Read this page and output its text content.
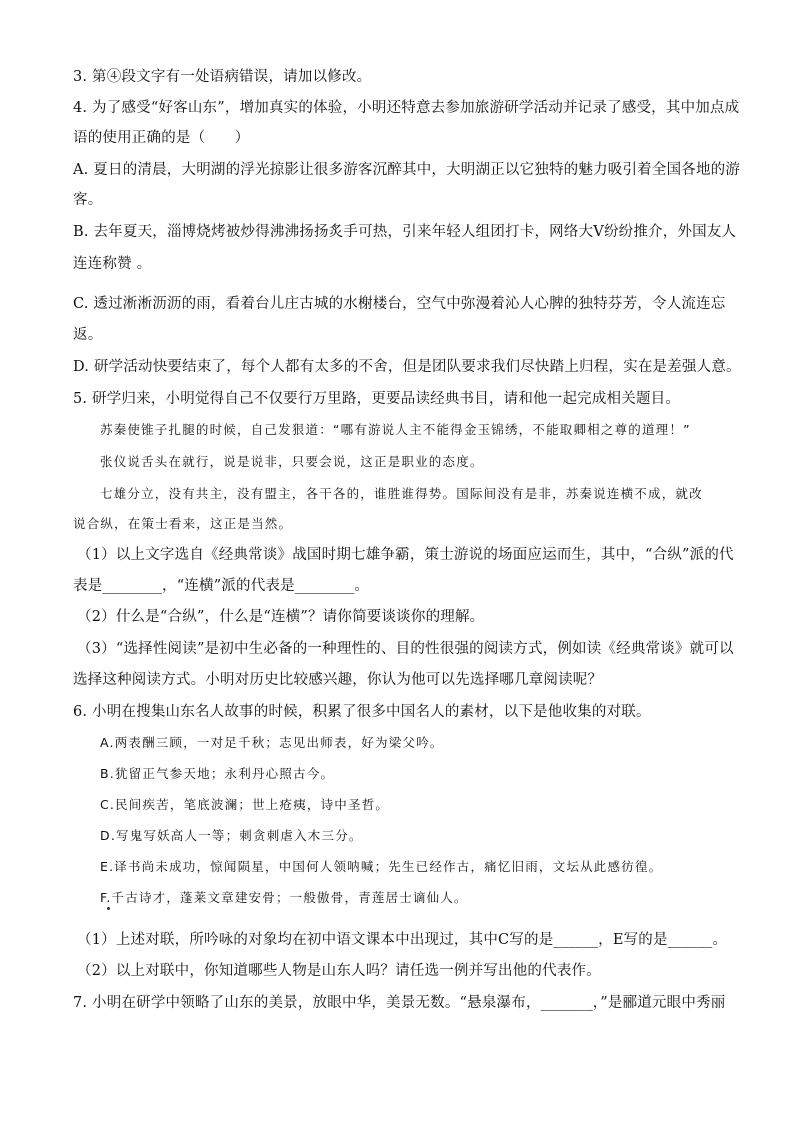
3. 第④段文字有一处语病错误，请加以修改。
4. 为了感受“好客山东”，增加真实的体验，小明还特意去参加旅游研学活动并记录了感受，其中加点成
语的使用正确的是（　　）
A. 夏日的清晨，大明湖的浮光掠影让很多游客沉醉其中，大明湖正以它独特的魅力吸引着全国各地的游
客。
B. 去年夏天，淄博烧烤被炒得沸沸扬扬炙手可热，引来年轻人组团打卡，网络大V纷纷推介，外国友人
连连称赞 。
C. 透过淅淅沥沥的雨，看着台儿庄古城的水榭楼台，空气中弥漫着沁人心脾的独特芬芳，令人流连忘
返。
D. 研学活动快要结束了，每个人都有太多的不舍，但是团队要求我们尽快踏上归程，实在是差强人意。
5. 研学归来，小明觉得自己不仅要行万里路，更要品读经典书目，请和他一起完成相关题目。
苏秦使锥子扎腿的时候，自己发狠道：“哪有游说人主不能得金玉锦绣，不能取卿相之尊的道理！”
张仪说舌头在就行，说是说非，只要会说，这正是职业的态度。
七雄分立，没有共主，没有盟主，各干各的，谁胜谁得势。国际间没有是非，苏秦说连横不成，就改
说合纵，在策士看来，这正是当然。
（1）以上文字选自《经典常谈》战国时期七雄争霸，策士游说的场面应运而生，其中，“合纵”派的代
表是________，“连横”派的代表是________。
（2）什么是“合纵”，什么是“连横”？请你简要谈谈你的理解。
（3）“选择性阅读”是初中生必备的一种理性的、目的性很强的阅读方式，例如读《经典常谈》就可以
选择这种阅读方式。小明对历史比较感兴趣，你认为他可以先选择哪几章阅读呢？
6. 小明在搜集山东名人故事的时候，积累了很多中国名人的素材，以下是他收集的对联。
A.两表酬三顾，一对足千秋；志见出师表，好为梁父吟。
B.犹留正气参天地；永利丹心照古今。
C.民间疾苦，笔底波澜；世上疮痍，诗中圣哲。
D.写鬼写妖高人一等；刺贪刺虐入木三分。
E.译书尚未成功，惊闻陨星，中国何人领呐喊；先生已经作古，痛忆旧雨，文坛从此感彷徨。
F.千古诗才，蓬莱文章建安骨；一般傲骨，青莲居士谪仙人。
（1）上述对联，所吟咏的对象均在初中语文课本中出现过，其中C写的是______，E写的是______。
（2）以上对联中，你知道哪些人物是山东人吗？请任选一例并写出他的代表作。
7. 小明在研学中领略了山东的美景，放眼中华，美景无数。“悬泉瀑布，_______，”是郦道元眼中秀丽
